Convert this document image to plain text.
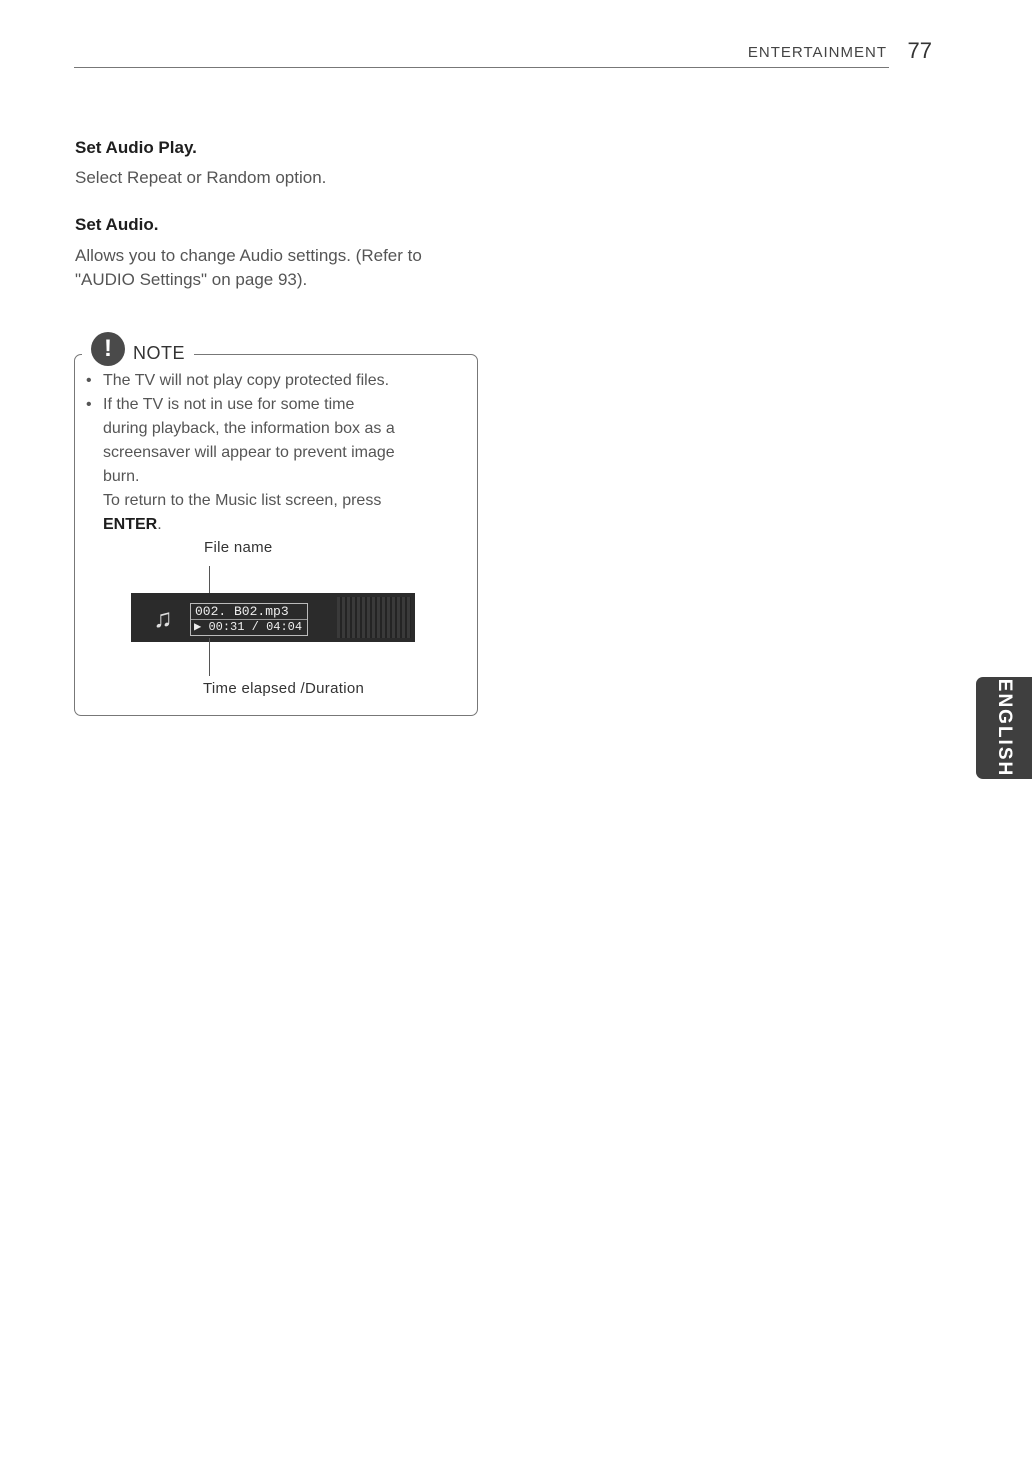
ENTERTAINMENT 77
Set Audio Play.
Select Repeat or Random option.
Set Audio.
Allows you to change Audio settings. (Refer to
"AUDIO Settings" on page 93).
!	NOTE
• The TV will not play copy protected files.
• If the TV is not in use for some time
during playback, the information box as a
screensaver will appear to prevent image
burn.
To return to the Music list screen, press
ENTER.
File name
♫	002. B02.mp3
▶ 00:31 / 04:04
Time elapsed /Duration	ENGLISH
